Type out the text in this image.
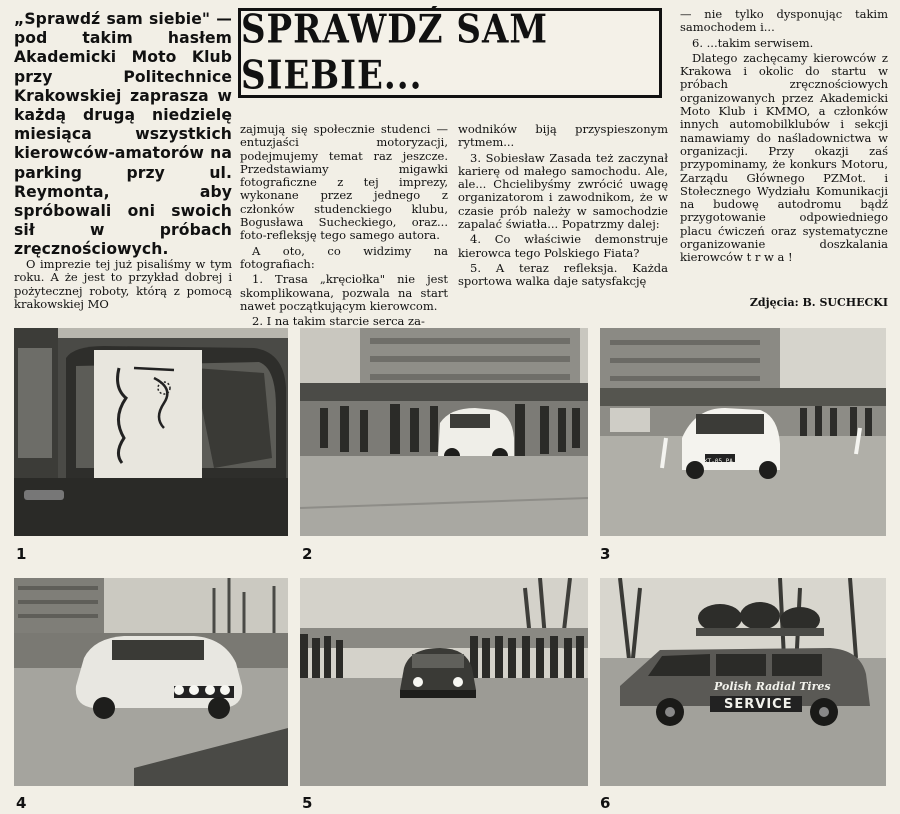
SPRAWDŹ SAM SIEBIE...
„Sprawdź sam siebie" — pod takim hasłem Akademicki Moto Klub przy Politechnice Krakowskiej zaprasza w każdą drugą niedzielę miesiąca wszystkich kierowców-amatorów na parking przy ul. Reymonta, aby spróbowali oni swoich sił w próbach zręcznościowych.

O imprezie tej już pisaliśmy w tym roku. A że jest to przykład dobrej i pożytecznej roboty, którą z pomocą krakowskiej MO

zajmują się społecznie studenci — entuzjaści motoryzacji, podejmujemy temat raz jeszcze. Przedstawiamy migawki fotograficzne z tej imprezy, wykonane przez jednego z członków studenckiego klubu, Bogusława Sucheckiego, oraz... foto-refleksję tego samego autora.

A oto, co widzimy na fotografiach:

1. Trasa „kręciołka" nie jest skomplikowana, pozwala na start nawet początkującym kierowcom.

2. I na takim starcie serca za-

wodników biją przyspieszonym rytmem...

3. Sobiesław Zasada też zaczynał karierę od małego samochodu. Ale, ale... Chcielibyśmy zwrócić uwagę organizatorom i zawodnikom, że w czasie prób należy w samochodzie zapalać światła... Popatrzmy dalej:

4. Co właściwie demonstruje kierowca tego Polskiego Fiata?

5. A teraz refleksja. Każda sportowa walka daje satysfakcję

— nie tylko dysponując takim samochodem i...

6. ...takim serwisem.

Dlatego zachęcamy kierowców z Krakowa i okolic do startu w próbach zręcznościowych organizowanych przez Akademicki Moto Klub i KMMO, a członków innych automobilklubów i sekcji namawiamy do naśladownictwa w organizacji. Przy okazji zaś przypominamy, że konkurs Motoru, Zarządu Głównego PZMot. i Stołecznego Wydziału Komunikacji na budowę autodromu bądź przygotowanie odpowiedniego placu ćwiczeń oraz systematyczne organizowanie doszkalania kierowców t r w a !

Zdjęcia: B. SUCHECKI
1	2	3
4	5	6
Polish Radial Tires
SERVICE
KT-05 PA
